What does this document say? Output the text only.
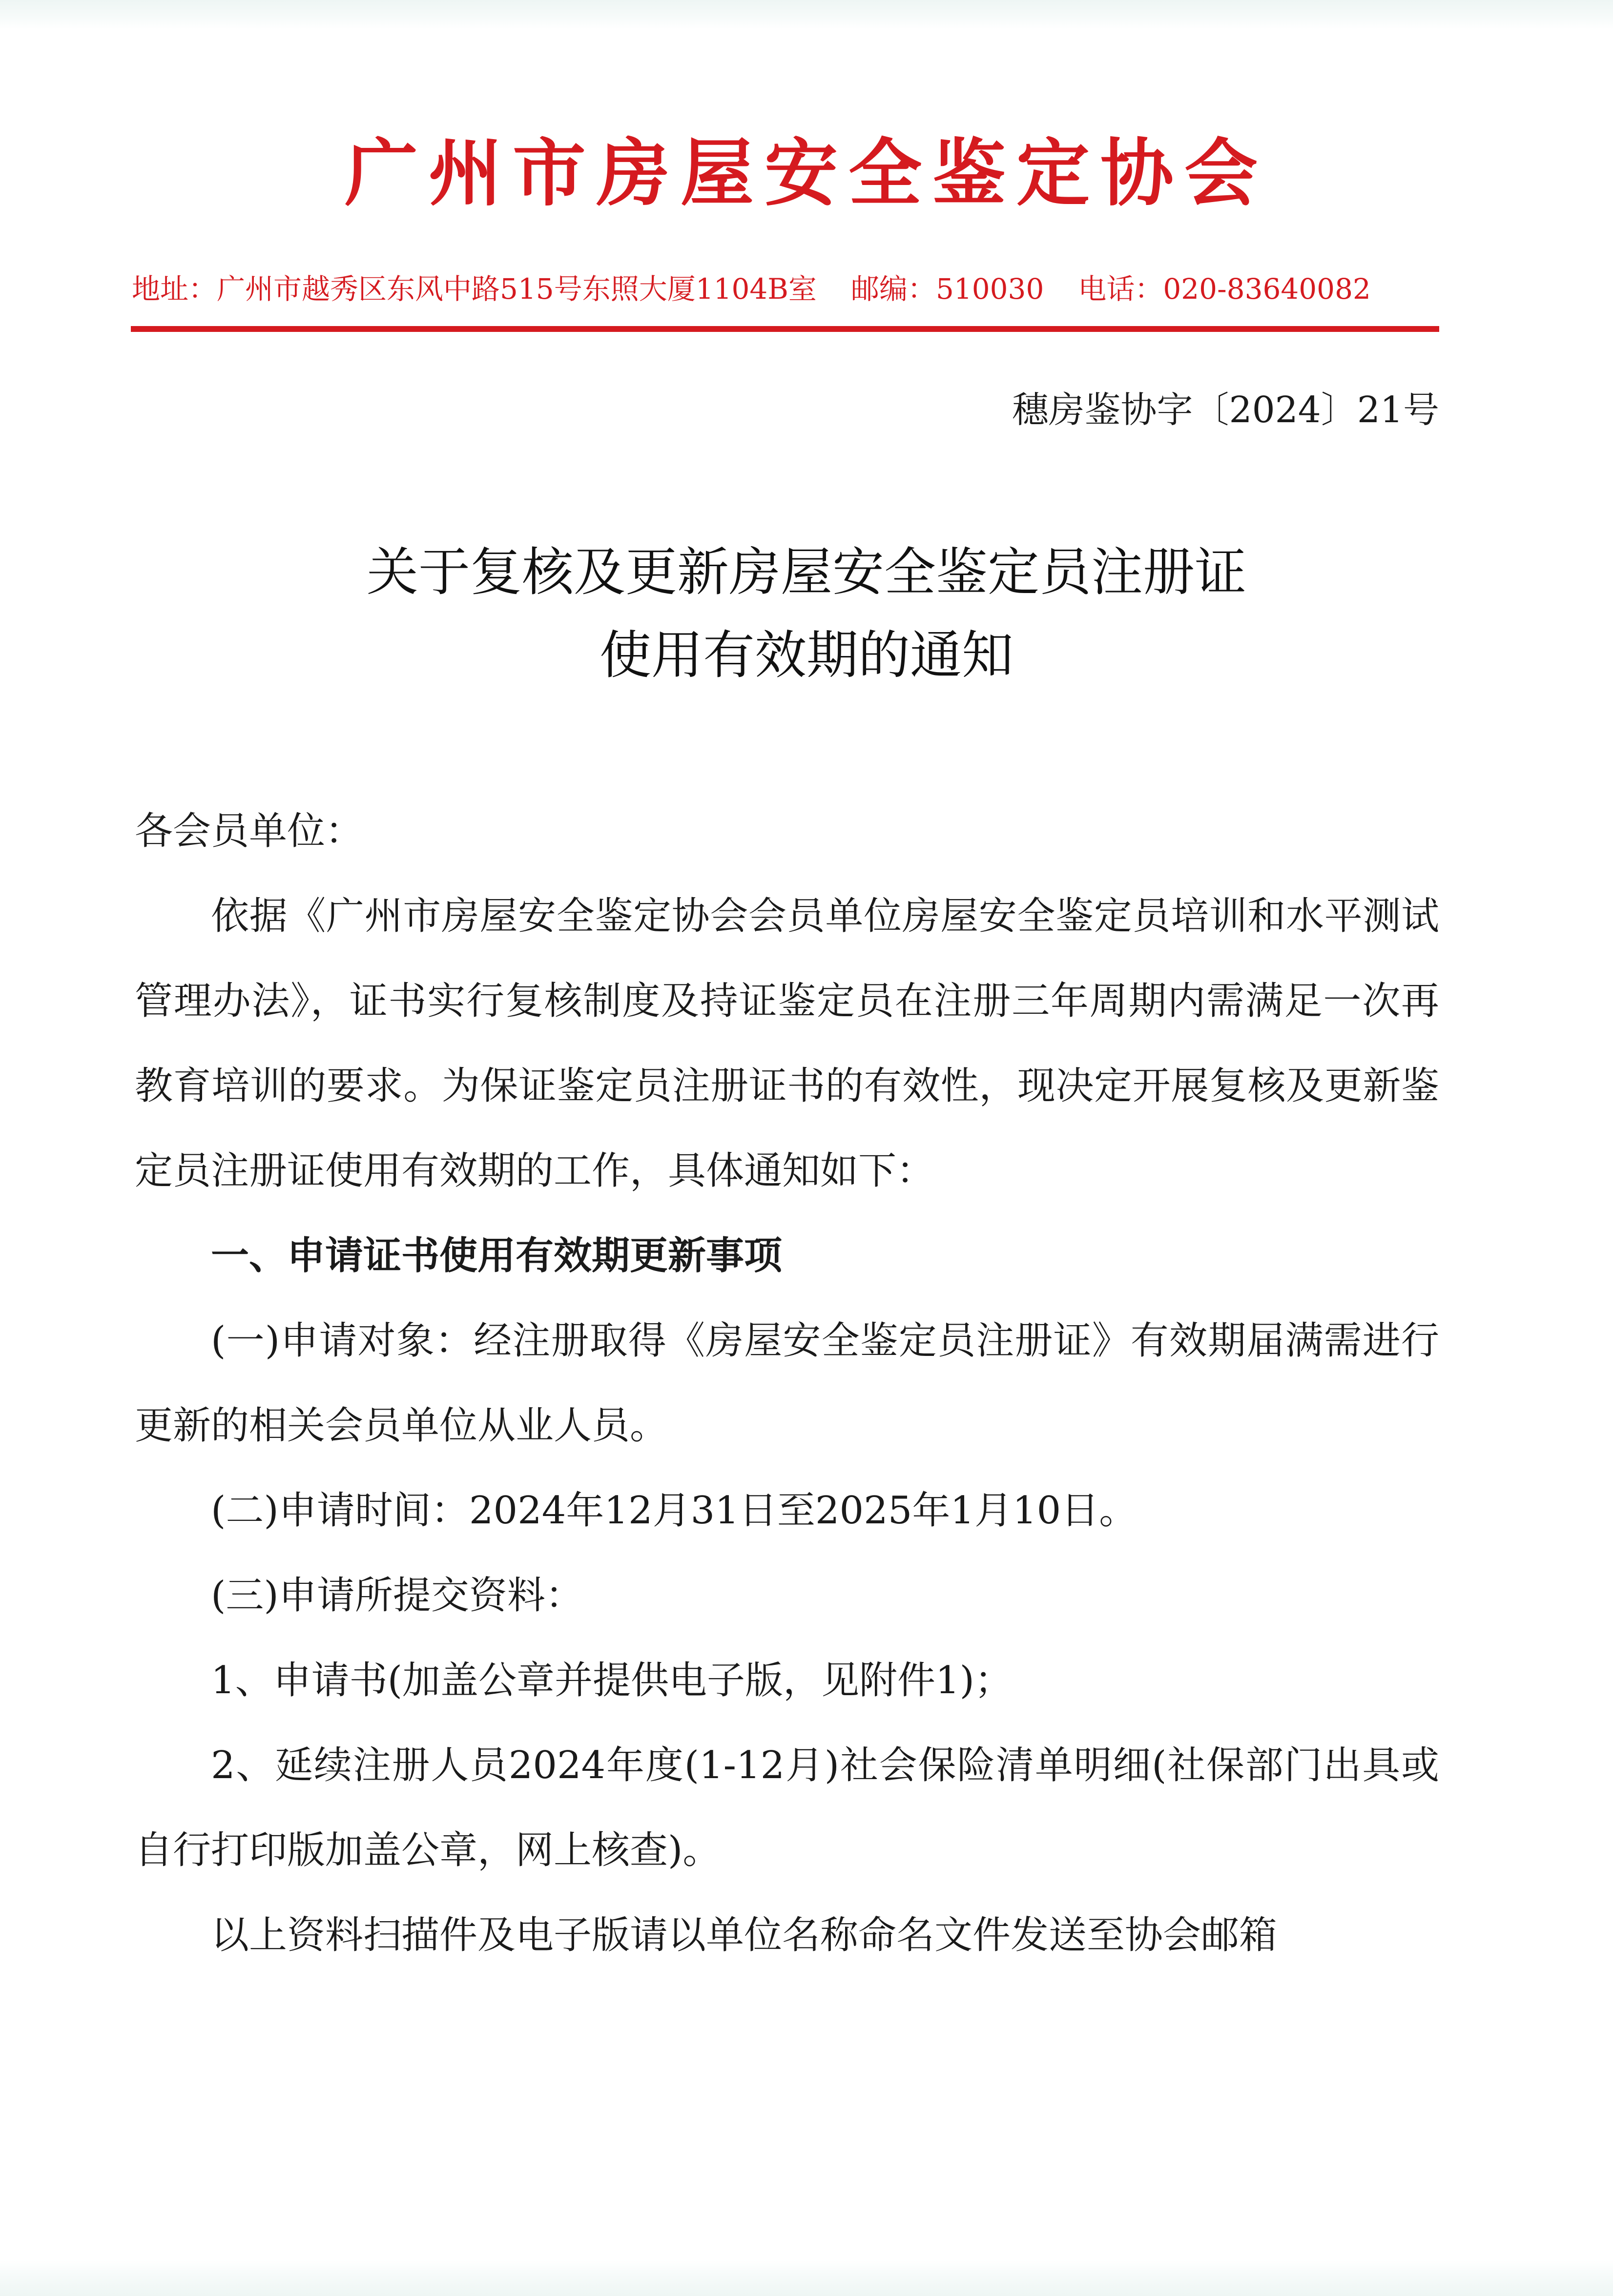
广州市房屋安全鉴定协会
地址：广州市越秀区东风中路515号东照大厦1104B室 邮编：510030 电话：020-83640082
穗房鉴协字〔2024〕21号
关于复核及更新房屋安全鉴定员注册证
使用有效期的通知

各会员单位：

依据《广州市房屋安全鉴定协会会员单位房屋安全鉴定员培训和水平测试管理办法》，证书实行复核制度及持证鉴定员在注册三年周期内需满足一次再教育培训的要求。为保证鉴定员注册证书的有效性，现决定开展复核及更新鉴定员注册证使用有效期的工作，具体通知如下：

一、申请证书使用有效期更新事项

(一)申请对象：经注册取得《房屋安全鉴定员注册证》有效期届满需进行更新的相关会员单位从业人员。

(二)申请时间：2024年12月31日至2025年1月10日。

(三)申请所提交资料：

1、申请书(加盖公章并提供电子版，见附件1)；

2、延续注册人员2024年度(1-12月)社会保险清单明细(社保部门出具或自行打印版加盖公章，网上核查)。

以上资料扫描件及电子版请以单位名称命名文件发送至协会邮箱
